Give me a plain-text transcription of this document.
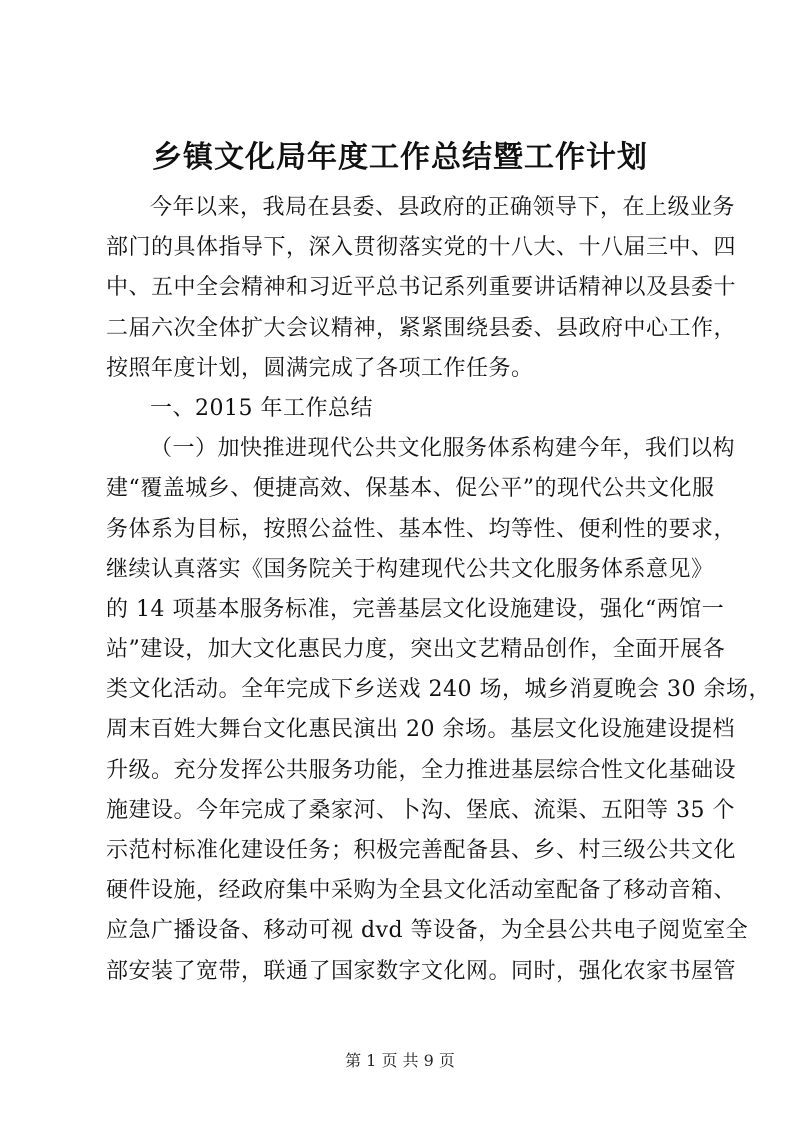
乡镇文化局年度工作总结暨工作计划
今年以来，我局在县委、县政府的正确领导下，在上级业务
部门的具体指导下，深入贯彻落实党的十八大、十八届三中、四
中、五中全会精神和习近平总书记系列重要讲话精神以及县委十
二届六次全体扩大会议精神，紧紧围绕县委、县政府中心工作，
按照年度计划，圆满完成了各项工作任务。
一、2015 年工作总结
（一）加快推进现代公共文化服务体系构建今年，我们以构
建“覆盖城乡、便捷高效、保基本、促公平”的现代公共文化服
务体系为目标，按照公益性、基本性、均等性、便利性的要求，
继续认真落实《国务院关于构建现代公共文化服务体系意见》
的 14 项基本服务标准，完善基层文化设施建设，强化“两馆一
站”建设，加大文化惠民力度，突出文艺精品创作，全面开展各
类文化活动。全年完成下乡送戏 240 场，城乡消夏晚会 30 余场，
周末百姓大舞台文化惠民演出 20 余场。基层文化设施建设提档
升级。充分发挥公共服务功能，全力推进基层综合性文化基础设
施建设。今年完成了桑家河、卜沟、堡底、流渠、五阳等 35 个
示范村标准化建设任务；积极完善配备县、乡、村三级公共文化
硬件设施，经政府集中采购为全县文化活动室配备了移动音箱、
应急广播设备、移动可视 dvd 等设备，为全县公共电子阅览室全
部安装了宽带，联通了国家数字文化网。同时，强化农家书屋管
第 1 页 共 9 页
